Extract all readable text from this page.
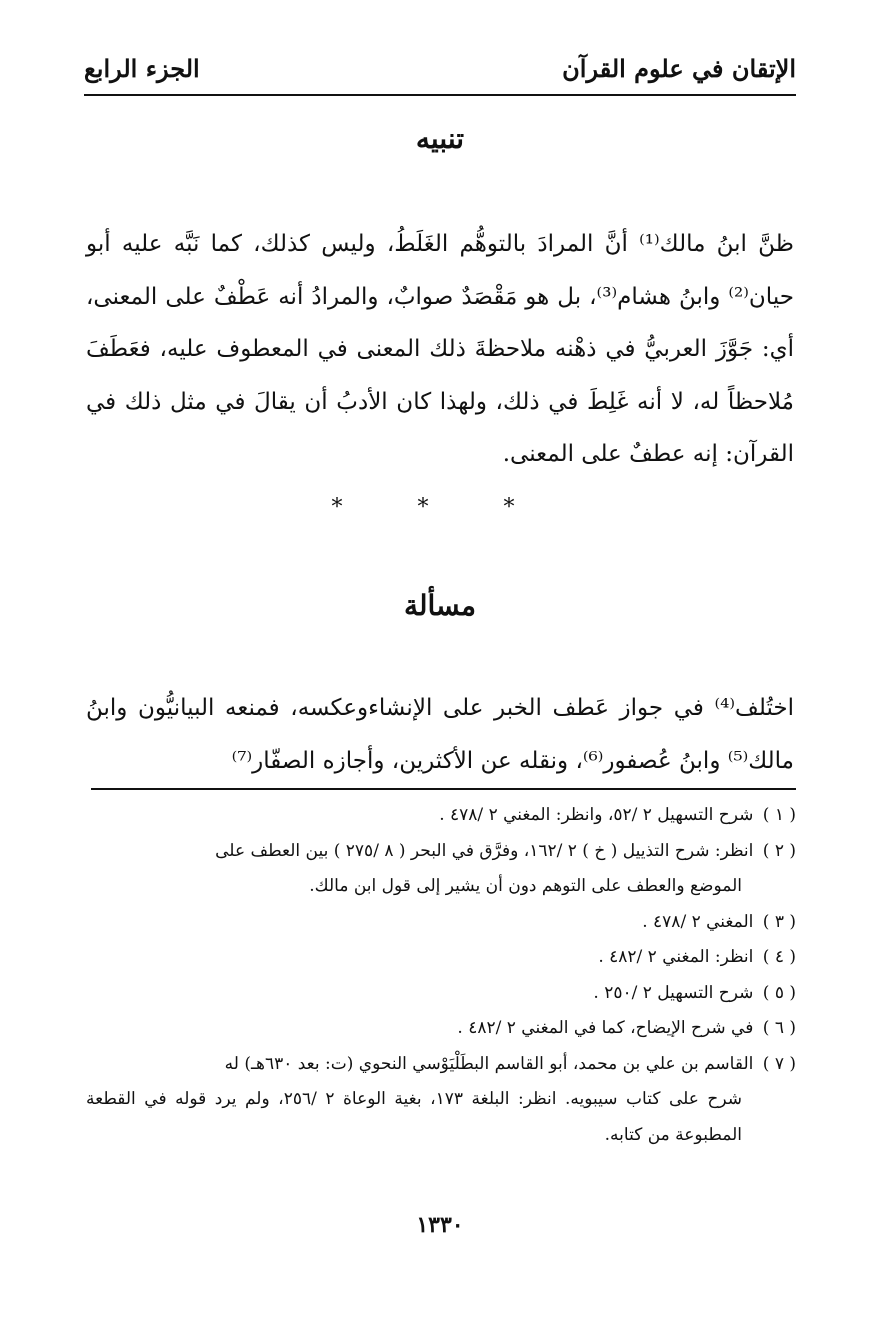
الإتقان في علوم القرآن
الجزء الرابع
تنبيه

ظنَّ ابنُ مالك⁽¹⁾ أنَّ المرادَ بالتوهُّم الغَلَطُ، وليس كذلك، كما نَبَّه عليه أبو حيان⁽²⁾ وابنُ هشام⁽³⁾، بل هو مَقْصَدٌ صوابٌ، والمرادُ أنه عَطْفٌ على المعنى، أي: جَوَّزَ العربيُّ في ذهْنه ملاحظةَ ذلك المعنى في المعطوف عليه، فعَطَفَ مُلاحظاً له، لا أنه غَلِطَ في ذلك، ولهذا كان الأدبُ أن يقالَ في مثل ذلك في القرآن: إنه عطفٌ على المعنى.

* * *
مسألة

اختُلف⁽⁴⁾ في جواز عَطف الخبر على الإنشاءوعكسه، فمنعه البيانيُّون وابنُ مالك⁽⁵⁾ وابنُ عُصفور⁽⁶⁾، ونقله عن الأكثرين، وأجازه الصفّار⁽⁷⁾

( ١ ) شرح التسهيل ٢ /٥٢، وانظر: المغني ٢ /٤٧٨ .

( ٢ ) انظر: شرح التذييل ( خ ) ٢ /١٦٢، وفرَّق في البحر ( ٨ /٢٧٥ ) بين العطف على
الموضع والعطف على التوهم دون أن يشير إلى قول ابن مالك.

( ٣ ) المغني ٢ /٤٧٨ .

( ٤ ) انظر: المغني ٢ /٤٨٢ .

( ٥ ) شرح التسهيل ٢ /٢٥٠ .

( ٦ ) في شرح الإيضاح، كما في المغني ٢ /٤٨٢ .

( ٧ ) القاسم بن علي بن محمد، أبو القاسم البطَلْيَوْسي النحوي (ت: بعد ٦٣٠هـ) له
شرح على كتاب سيبويه. انظر: البلغة ١٧٣، بغية الوعاة ٢ /٢٥٦، ولم يرد قوله في القطعة المطبوعة من كتابه.

١٣٣٠
